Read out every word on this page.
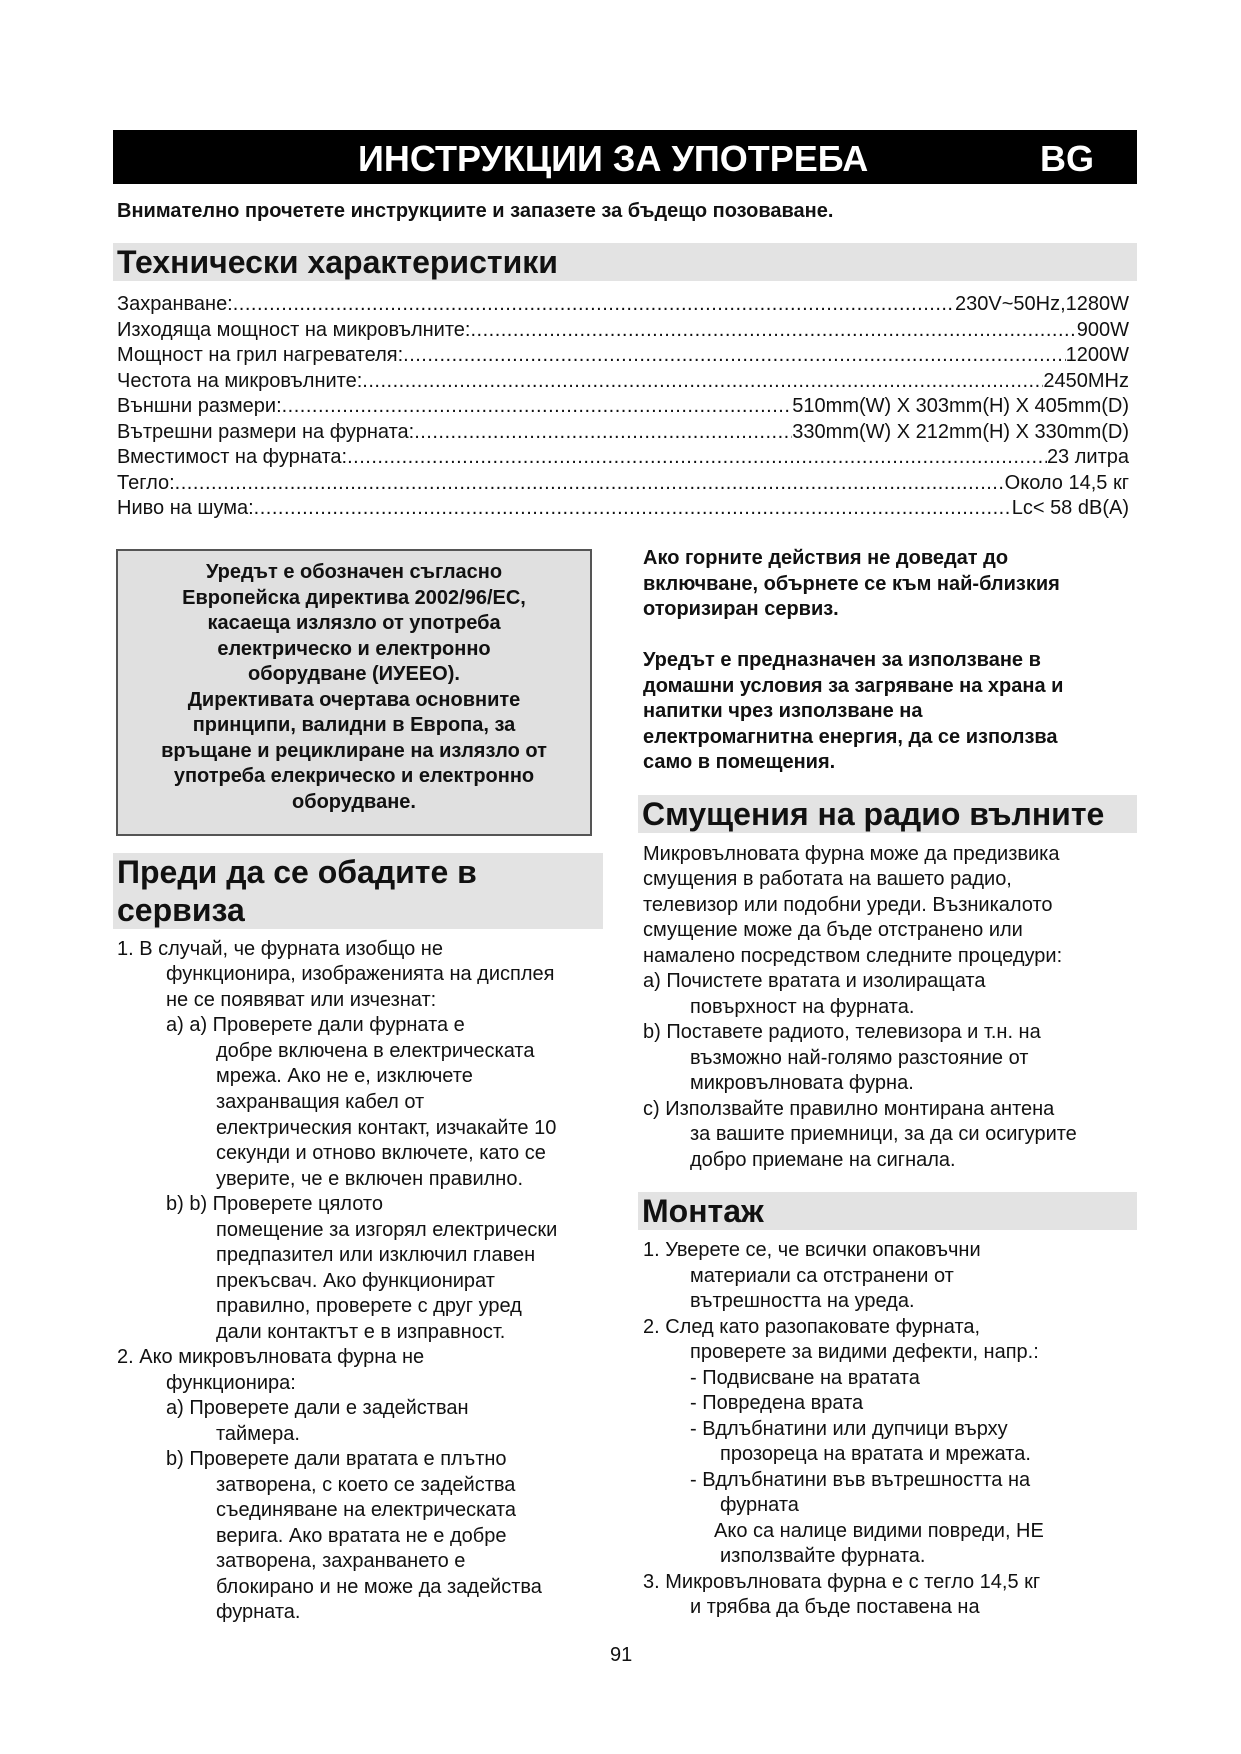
ИНСТРУКЦИИ ЗА УПОТРЕБА	BG
Внимателно прочетете инструкциите и запазете за бъдещо позоваване.
Технически характеристики
Захранване: .....	230V~50Hz,1280W
Изходяща мощност на микровълните: .....	900W
Мощност на грил нагревателя: .....	1200W
Честота на микровълните: .....	2450MHz
Външни размери: .....	510mm(W) X 303mm(H) X 405mm(D)
Вътрешни размери на фурната: .....	330mm(W) X 212mm(H) X 330mm(D)
Вместимост на фурната: .....	23 литра
Тегло: .....	Около 14,5 кг
Ниво на шума: .....	Lc< 58 dB(A)
Уредът е обозначен съгласно
Европейска директива 2002/96/EC,
касаеща излязло от употреба
електрическо и електронно
оборудване (ИУЕЕО).
Директивата очертава основните
принципи, валидни в Европа, за
връщане и рециклиране на излязло от
употреба елекрическо и електронно
оборудване.
Преди да се обадите в
сервиза
1. В случай, че фурната изобщо не
функционира, изображенията на дисплея
не се появяват или изчезнат:
a) a) Проверете дали фурната е
добре включена в електрическата
мрежа. Ако не е, изключете
захранващия кабел от
електрическия контакт, изчакайте 10
секунди и отново включете, като се
уверите, че е включен правилно.
b) b) Проверете цялото
помещение за изгорял електрически
предпазител или изключил главен
прекъсвач. Ако функционират
правилно, проверете с друг уред
дали контактът е в изправност.
2. Ако микровълновата фурна не
функционира:
a) Проверете дали е задействан
таймера.
b) Проверете дали вратата е плътно
затворена, с което се задейства
съединяване на електрическата
верига. Ако вратата не е добре
затворена, захранването е
блокирано и не може да задейства
фурната.
Ако горните действия не доведат до
включване, обърнете се към най-близкия
оторизиран сервиз.
Уредът е предназначен за използване в
домашни условия за загряване на храна и
напитки чрез използване на
електромагнитна енергия, да се използва
само в помещения.
Смущения на радио вълните
Микровълновата фурна може да предизвика
смущения в работата на вашето радио,
телевизор или подобни уреди. Възникалото
смущение може да бъде отстранено или
намалено посредством следните процедури:
a) Почистете вратата и изолиращата
повърхност на фурната.
b) Поставете радиото, телевизора и т.н. на
възможно най-голямо разстояние от
микровълновата фурна.
c) Използвайте правилно монтирана антена
за вашите приемници, за да си осигурите
добро приемане на сигнала.
Монтаж
1. Уверете се, че всички опаковъчни
материали са отстранени от
вътрешността на уреда.
2. След като разопаковате фурната,
проверете за видими дефекти, напр.:
- Подвисване на вратата
- Повредена врата
- Вдлъбнатини или дупчици върху
прозореца на вратата и мрежата.
- Вдлъбнатини във вътрешността на
фурната
Ако са налице видими повреди, НЕ
използвайте фурната.
3. Микровълновата фурна е с тегло 14,5 кг
и трябва да бъде поставена на
91
